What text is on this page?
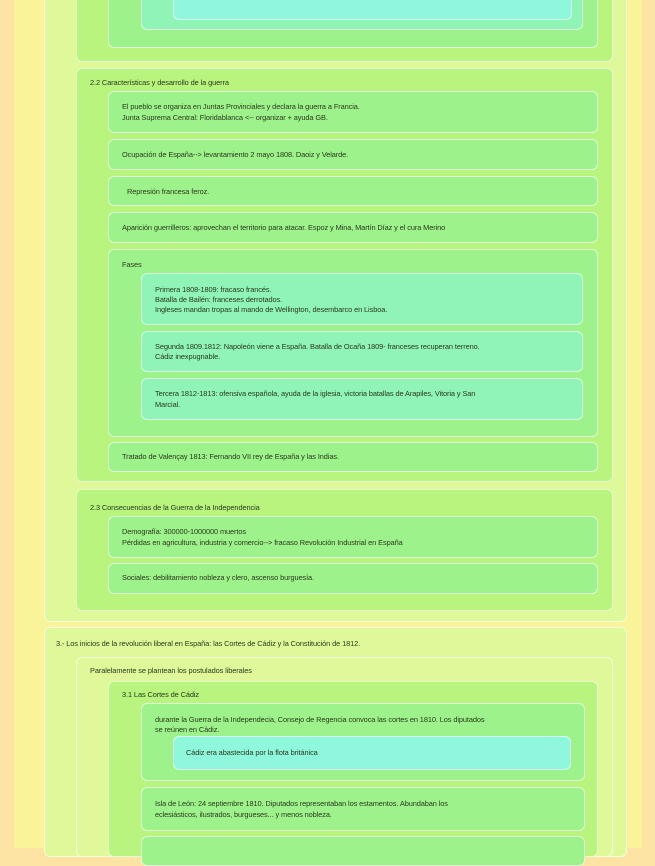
2.2 Características y desarrollo de la guerra
El pueblo se organiza en Juntas Provinciales y declara la guerra a Francia.
Junta Suprema Central: Floridablanca <-- organizar + ayuda GB.
Ocupación de España--> levantamiento 2 mayo 1808. Daoiz y Velarde.
Represión francesa feroz.
Aparición guerrilleros: aprovechan el territorio para atacar. Espoz y Mina, Martín Díaz y el cura Merino
Fases
Primera 1808-1809: fracaso francés.
Batalla de Bailén: franceses derrotados.
Ingleses mandan tropas al mando de Wellington, desembarco en Lisboa.
Segunda 1809.1812: Napoleón viene a España. Batalla de Ocaña 1809- franceses recuperan terreno.
Cádiz inexpugnable.
Tercera 1812-1813: ofensiva española, ayuda de la iglesia, victoria batallas de Arapiles, Vitoria y San
Marcial.
Tratado de Valençay 1813: Fernando VII rey de España y las Indias.
2.3 Consecuencias de la Guerra de la Independencia
Demografía: 300000-1000000 muertos
Pérdidas en agricultura, industria y comercio--> fracaso Revolución Industrial en España
Sociales: debilitamiento nobleza y clero, ascenso burguesía.
3.- Los inicios de la revolución liberal en España: las Cortes de Cádiz y la Constitución de 1812.
Paralelamente se plantean los postulados liberales
3.1 Las Cortes de Cádiz
durante la Guerra de la Independecia, Consejo de Regencia convoca las cortes en 1810. Los diputados
se reúnen en Cádiz.
Cádiz era abastecida por la flota británica
Isla de León: 24 septiembre 1810. Diputados representaban los estamentos. Abundaban los
eclesiásticos, ilustrados, burgueses... y menos nobleza.
